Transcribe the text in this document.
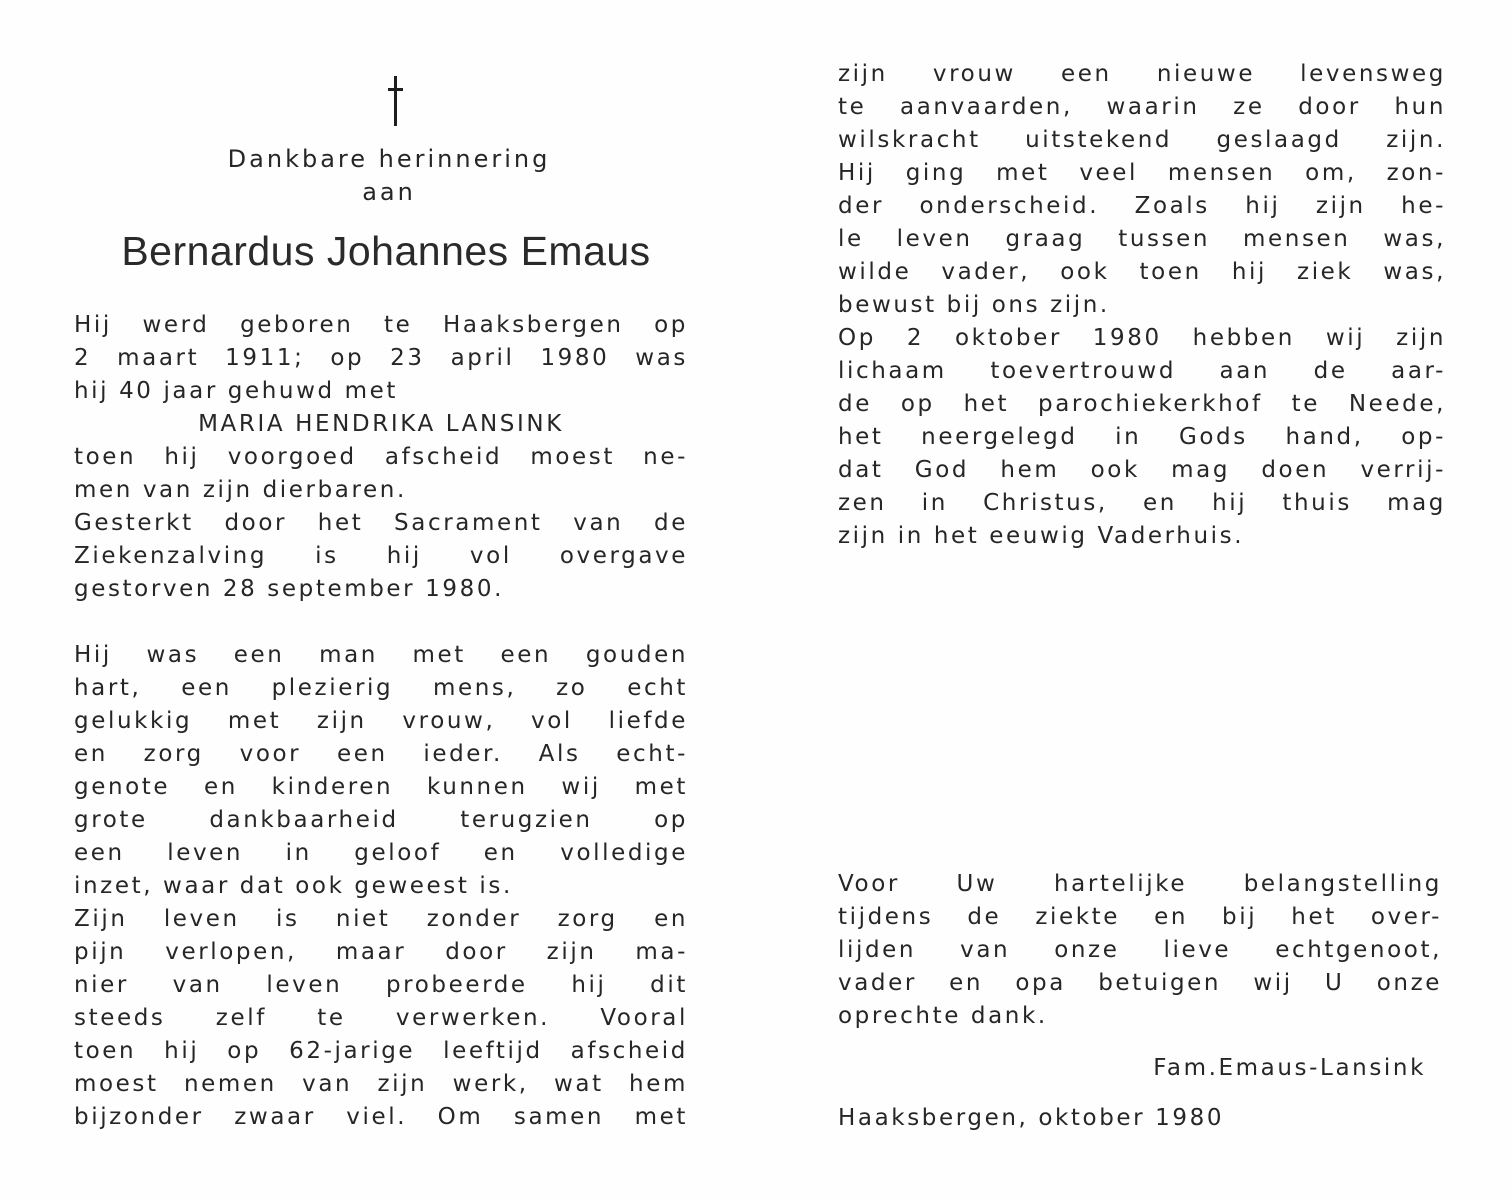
Dankbare herinnering
aan
Bernardus Johannes Emaus
Hij werd geboren te Haaksbergen op
2 maart 1911; op 23 april 1980 was
hij 40 jaar gehuwd met
MARIA HENDRIKA LANSINK
toen hij voorgoed afscheid moest ne-
men van zijn dierbaren.
Gesterkt door het Sacrament van de
Ziekenzalving is hij vol overgave
gestorven 28 september 1980.
Hij was een man met een gouden
hart, een plezierig mens, zo echt
gelukkig met zijn vrouw, vol liefde
en zorg voor een ieder. Als echt-
genote en kinderen kunnen wij met
grote dankbaarheid terugzien op
een leven in geloof en volledige
inzet, waar dat ook geweest is.
Zijn leven is niet zonder zorg en
pijn verlopen, maar door zijn ma-
nier van leven probeerde hij dit
steeds zelf te verwerken. Vooral
toen hij op 62-jarige leeftijd afscheid
moest nemen van zijn werk, wat hem
bijzonder zwaar viel. Om samen met
zijn vrouw een nieuwe levensweg
te aanvaarden, waarin ze door hun
wilskracht uitstekend geslaagd zijn.
Hij ging met veel mensen om, zon-
der onderscheid. Zoals hij zijn he-
le leven graag tussen mensen was,
wilde vader, ook toen hij ziek was,
bewust bij ons zijn.
Op 2 oktober 1980 hebben wij zijn
lichaam toevertrouwd aan de aar-
de op het parochiekerkhof te Neede,
het neergelegd in Gods hand, op-
dat God hem ook mag doen verrij-
zen in Christus, en hij thuis mag
zijn in het eeuwig Vaderhuis.
Voor Uw hartelijke belangstelling
tijdens de ziekte en bij het over-
lijden van onze lieve echtgenoot,
vader en opa betuigen wij U onze
oprechte dank.
Fam.Emaus-Lansink
Haaksbergen, oktober 1980
